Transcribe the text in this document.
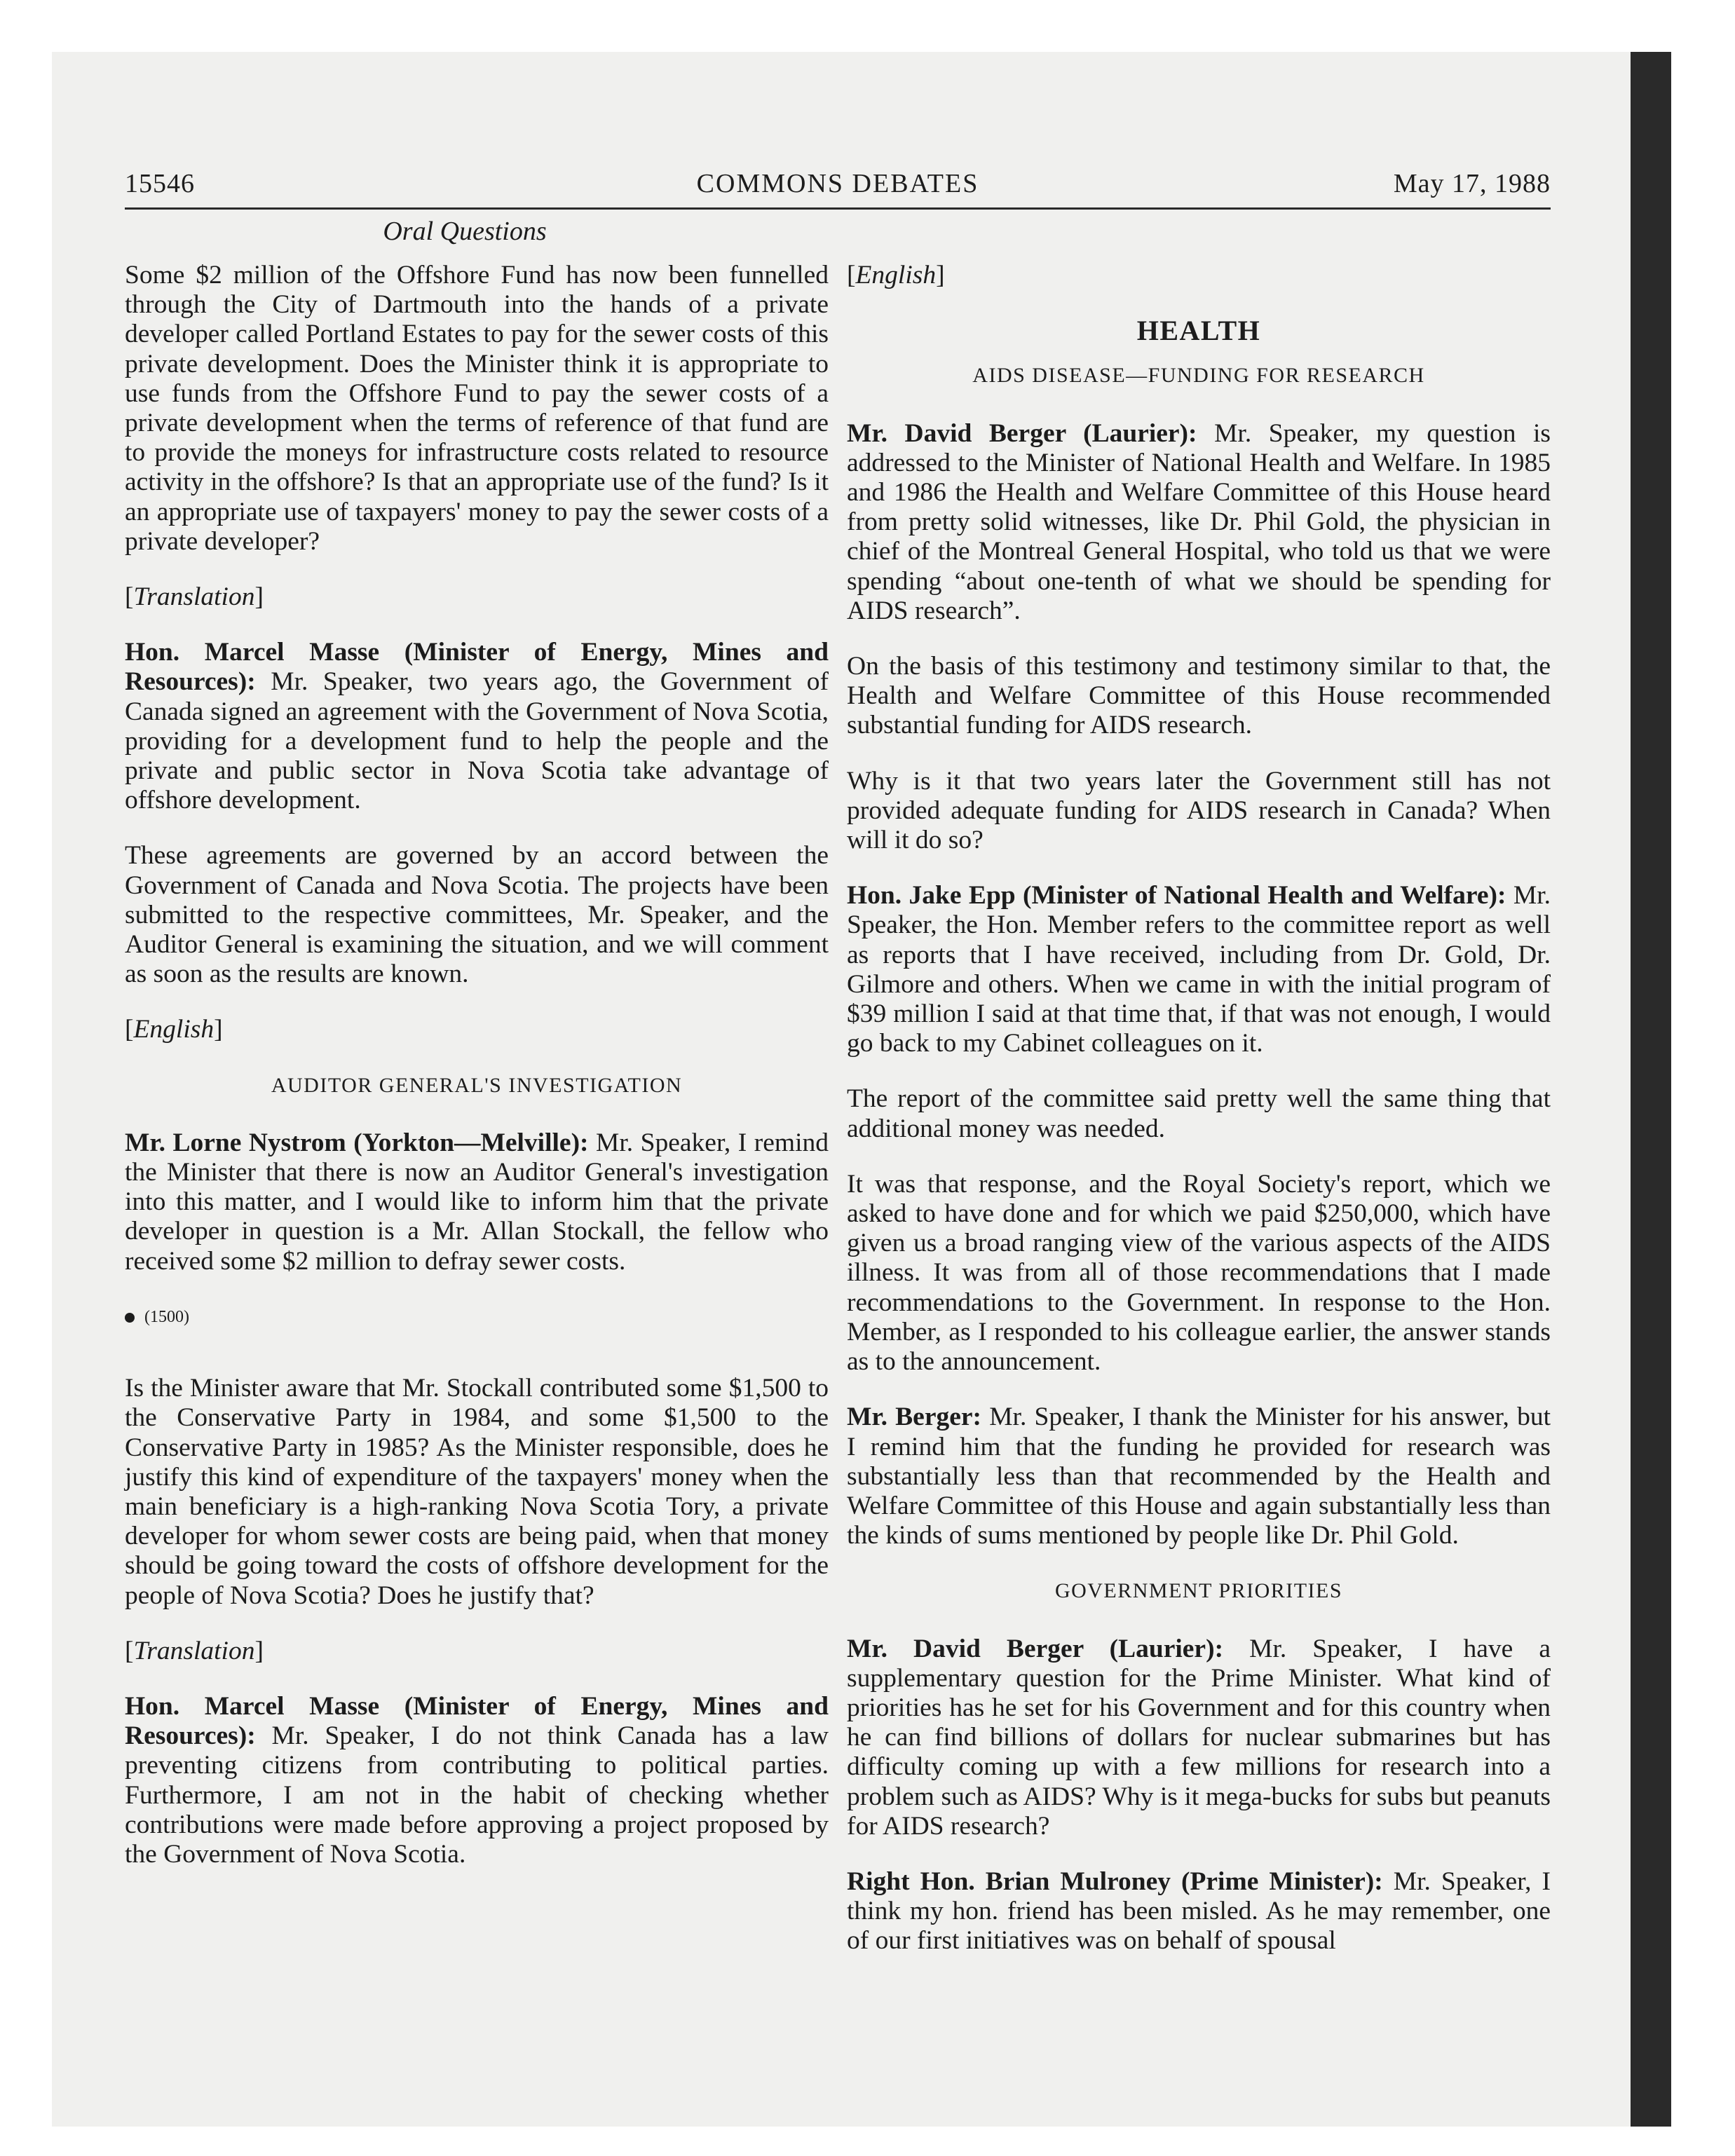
15546	COMMONS DEBATES	May 17, 1988
Oral Questions

Some $2 million of the Offshore Fund has now been funnelled through the City of Dartmouth into the hands of a private developer called Portland Estates to pay for the sewer costs of this private development. Does the Minister think it is appropriate to use funds from the Offshore Fund to pay the sewer costs of a private development when the terms of reference of that fund are to provide the moneys for infrastructure costs related to resource activity in the offshore? Is that an appropriate use of the fund? Is it an appropriate use of taxpayers' money to pay the sewer costs of a private developer?

[Translation]

Hon. Marcel Masse (Minister of Energy, Mines and Resources): Mr. Speaker, two years ago, the Government of Canada signed an agreement with the Government of Nova Scotia, providing for a development fund to help the people and the private and public sector in Nova Scotia take advantage of offshore development.

These agreements are governed by an accord between the Government of Canada and Nova Scotia. The projects have been submitted to the respective committees, Mr. Speaker, and the Auditor General is examining the situation, and we will comment as soon as the results are known.

[English]

AUDITOR GENERAL'S INVESTIGATION

Mr. Lorne Nystrom (Yorkton—Melville): Mr. Speaker, I remind the Minister that there is now an Auditor General's investigation into this matter, and I would like to inform him that the private developer in question is a Mr. Allan Stockall, the fellow who received some $2 million to defray sewer costs.

(1500)

Is the Minister aware that Mr. Stockall contributed some $1,500 to the Conservative Party in 1984, and some $1,500 to the Conservative Party in 1985? As the Minister responsible, does he justify this kind of expenditure of the taxpayers' money when the main beneficiary is a high-ranking Nova Scotia Tory, a private developer for whom sewer costs are being paid, when that money should be going toward the costs of offshore development for the people of Nova Scotia? Does he justify that?

[Translation]

Hon. Marcel Masse (Minister of Energy, Mines and Resources): Mr. Speaker, I do not think Canada has a law preventing citizens from contributing to political parties. Furthermore, I am not in the habit of checking whether contributions were made before approving a project proposed by the Government of Nova Scotia.

[English]

HEALTH
AIDS DISEASE—FUNDING FOR RESEARCH

Mr. David Berger (Laurier): Mr. Speaker, my question is addressed to the Minister of National Health and Welfare. In 1985 and 1986 the Health and Welfare Committee of this House heard from pretty solid witnesses, like Dr. Phil Gold, the physician in chief of the Montreal General Hospital, who told us that we were spending “about one-tenth of what we should be spending for AIDS research”.

On the basis of this testimony and testimony similar to that, the Health and Welfare Committee of this House recommended substantial funding for AIDS research.

Why is it that two years later the Government still has not provided adequate funding for AIDS research in Canada? When will it do so?

Hon. Jake Epp (Minister of National Health and Welfare): Mr. Speaker, the Hon. Member refers to the committee report as well as reports that I have received, including from Dr. Gold, Dr. Gilmore and others. When we came in with the initial program of $39 million I said at that time that, if that was not enough, I would go back to my Cabinet colleagues on it.

The report of the committee said pretty well the same thing that additional money was needed.

It was that response, and the Royal Society's report, which we asked to have done and for which we paid $250,000, which have given us a broad ranging view of the various aspects of the AIDS illness. It was from all of those recommendations that I made recommendations to the Government. In response to the Hon. Member, as I responded to his colleague earlier, the answer stands as to the announcement.

Mr. Berger: Mr. Speaker, I thank the Minister for his answer, but I remind him that the funding he provided for research was substantially less than that recommended by the Health and Welfare Committee of this House and again substantially less than the kinds of sums mentioned by people like Dr. Phil Gold.

GOVERNMENT PRIORITIES

Mr. David Berger (Laurier): Mr. Speaker, I have a supplementary question for the Prime Minister. What kind of priorities has he set for his Government and for this country when he can find billions of dollars for nuclear submarines but has difficulty coming up with a few millions for research into a problem such as AIDS? Why is it mega-bucks for subs but peanuts for AIDS research?

Right Hon. Brian Mulroney (Prime Minister): Mr. Speaker, I think my hon. friend has been misled. As he may remember, one of our first initiatives was on behalf of spousal
